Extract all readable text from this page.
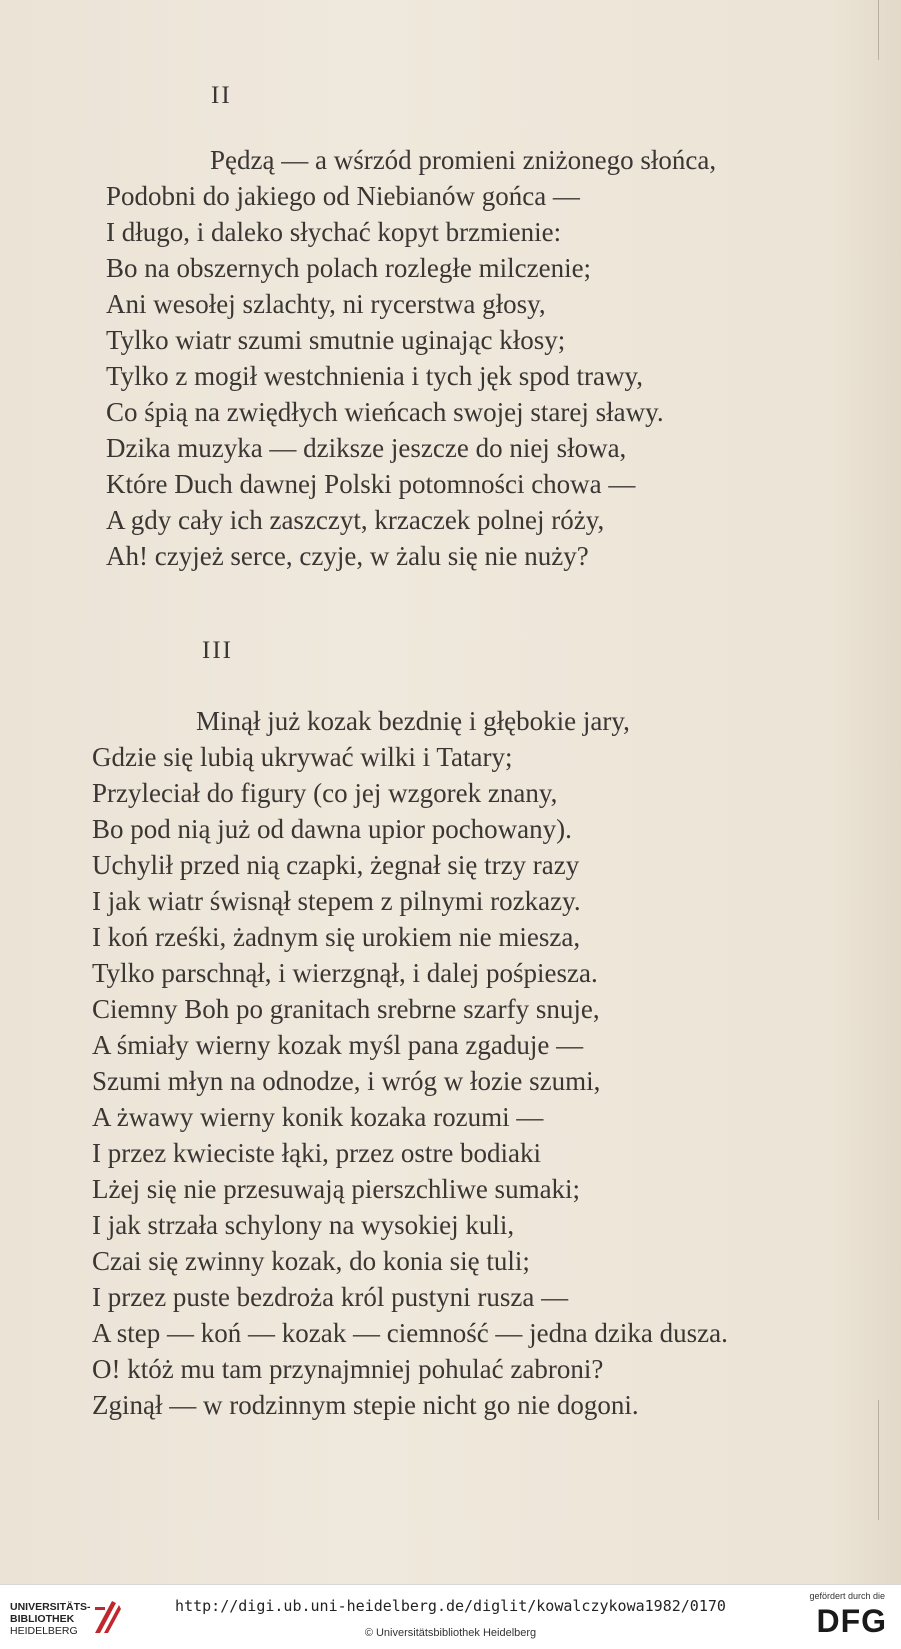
II
Pędzą — a wśrzód promieni zniżonego słońca,
Podobni do jakiego od Niebianów gońca —
I długo, i daleko słychać kopyt brzmienie:
Bo na obszernych polach rozległe milczenie;
Ani wesołej szlachty, ni rycerstwa głosy,
Tylko wiatr szumi smutnie uginając kłosy;
Tylko z mogił westchnienia i tych jęk spod trawy,
Co śpią na zwiędłych wieńcach swojej starej sławy.
Dzika muzyka — dziksze jeszcze do niej słowa,
Które Duch dawnej Polski potomności chowa —
A gdy cały ich zaszczyt, krzaczek polnej róży,
Ah! czyjeż serce, czyje, w żalu się nie nuży?
III
Minął już kozak bezdnię i głębokie jary,
Gdzie się lubią ukrywać wilki i Tatary;
Przyleciał do figury (co jej wzgorek znany,
Bo pod nią już od dawna upior pochowany).
Uchylił przed nią czapki, żegnał się trzy razy
I jak wiatr świsnął stepem z pilnymi rozkazy.
I koń rześki, żadnym się urokiem nie miesza,
Tylko parschnął, i wierzgnął, i dalej pośpiesza.
Ciemny Boh po granitach srebrne szarfy snuje,
A śmiały wierny kozak myśl pana zgaduje —
Szumi młyn na odnodze, i wróg w łozie szumi,
A żwawy wierny konik kozaka rozumi —
I przez kwieciste łąki, przez ostre bodiaki
Lżej się nie przesuwają pierszchliwe sumaki;
I jak strzała schylony na wysokiej kuli,
Czai się zwinny kozak, do konia się tuli;
I przez puste bezdroża król pustyni rusza —
A step — koń — kozak — ciemność — jedna dzika dusza.
O! któż mu tam przynajmniej pohulać zabroni?
Zginął — w rodzinnym stepie nicht go nie dogoni.
UNIVERSITÄTS-
BIBLIOTHEK
HEIDELBERG
http://digi.ub.uni-heidelberg.de/diglit/kowalczykowa1982/0170
© Universitätsbibliothek Heidelberg
gefördert durch die
DFG
